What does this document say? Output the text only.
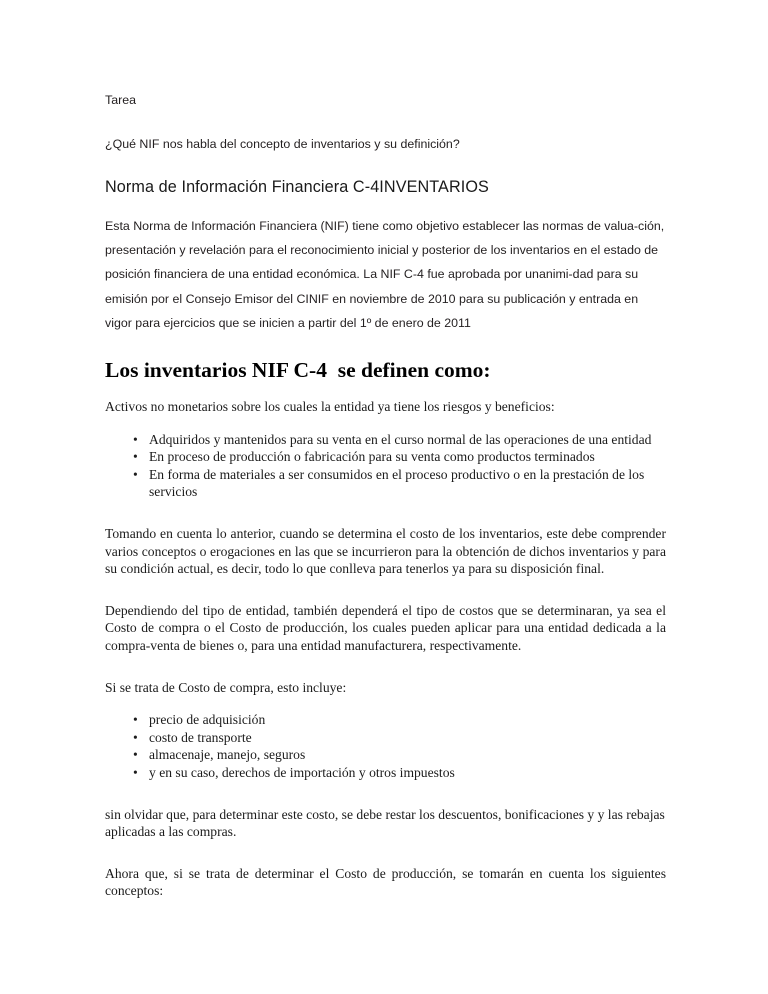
Tarea
¿Qué NIF nos habla del concepto de inventarios y su definición?
Norma de Información Financiera C-4INVENTARIOS

Esta Norma de Información Financiera (NIF) tiene como objetivo establecer las normas de valua-ción, presentación y revelación para el reconocimiento inicial y posterior de los inventarios en el estado de posición financiera de una entidad económica. La NIF C-4 fue aprobada por unanimi-dad para su emisión por el Consejo Emisor del CINIF en noviembre de 2010 para su publicación y entrada en vigor para ejercicios que se inicien a partir del 1º de enero de 2011

Los inventarios NIF C-4  se definen como:

Activos no monetarios sobre los cuales la entidad ya tiene los riesgos y beneficios:

• Adquiridos y mantenidos para su venta en el curso normal de las operaciones de una entidad
• En proceso de producción o fabricación para su venta como productos terminados
• En forma de materiales a ser consumidos en el proceso productivo o en la prestación de los servicios

Tomando en cuenta lo anterior, cuando se determina el costo de los inventarios, este debe comprender varios conceptos o erogaciones en las que se incurrieron para la obtención de dichos inventarios y para su condición actual, es decir, todo lo que conlleva para tenerlos ya para su disposición final.

Dependiendo del tipo de entidad, también dependerá el tipo de costos que se determinaran, ya sea el Costo de compra o el Costo de producción, los cuales pueden aplicar para una entidad dedicada a la compra-venta de bienes o, para una entidad manufacturera, respectivamente.

Si se trata de Costo de compra, esto incluye:

• precio de adquisición
• costo de transporte
• almacenaje, manejo, seguros
• y en su caso, derechos de importación y otros impuestos

sin olvidar que, para determinar este costo, se debe restar los descuentos, bonificaciones y y las rebajas aplicadas a las compras.

Ahora que, si se trata de determinar el Costo de producción, se tomarán en cuenta los siguientes conceptos:
